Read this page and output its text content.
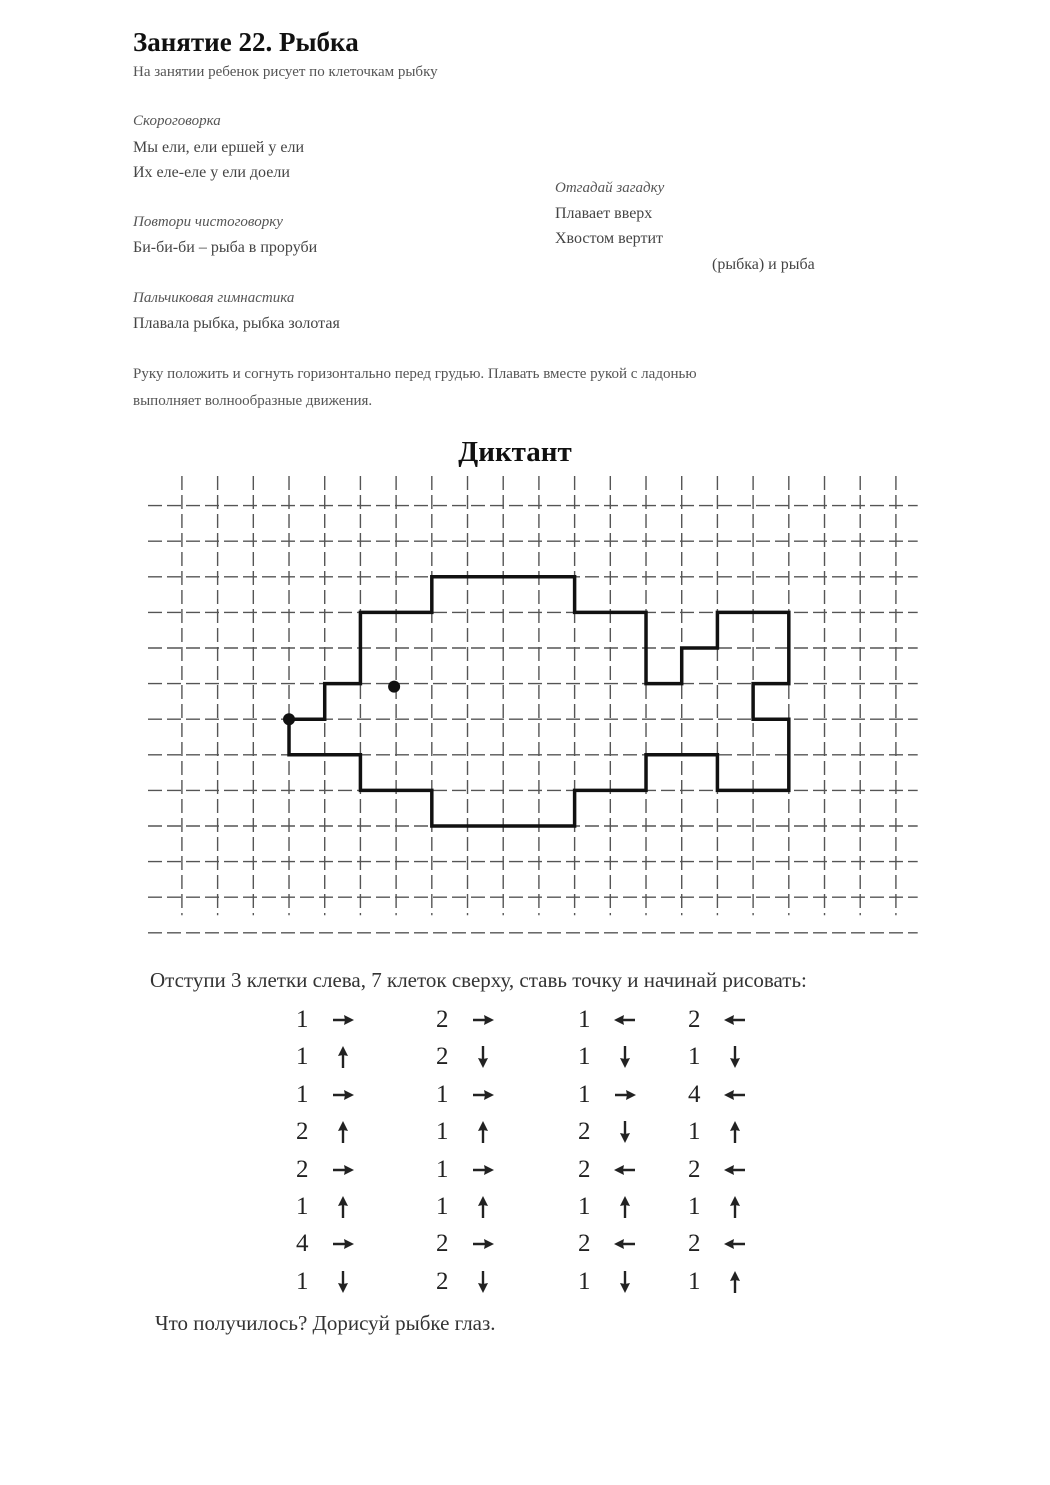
Занятие 22. Рыбка
На занятии ребенок рисует по клеточкам рыбку
Скороговорка
Мы ели, ели ершей у ели
Их еле-еле у ели доели
Повтори чистоговорку
Би-би-би – рыба в проруби
Пальчиковая гимнастика
Плавала рыбка, рыбка золотая
Отгадай загадку
Плавает вверх
Хвостом вертит
(рыбка) и рыба
Руку положить и согнуть горизонтально перед грудью. Плавать вместе рукой с ладонью
выполняет волнообразные движения.
Диктант
Отступи 3 клетки слева, 7 клеток сверху, ставь точку и начинай рисовать:
1
1
1
2
2
1
4
1
2
2
1
1
1
1
2
2
1
1
1
2
2
1
2
1
2
1
4
1
2
1
2
1
Что получилось? Дорисуй рыбке глаз.
